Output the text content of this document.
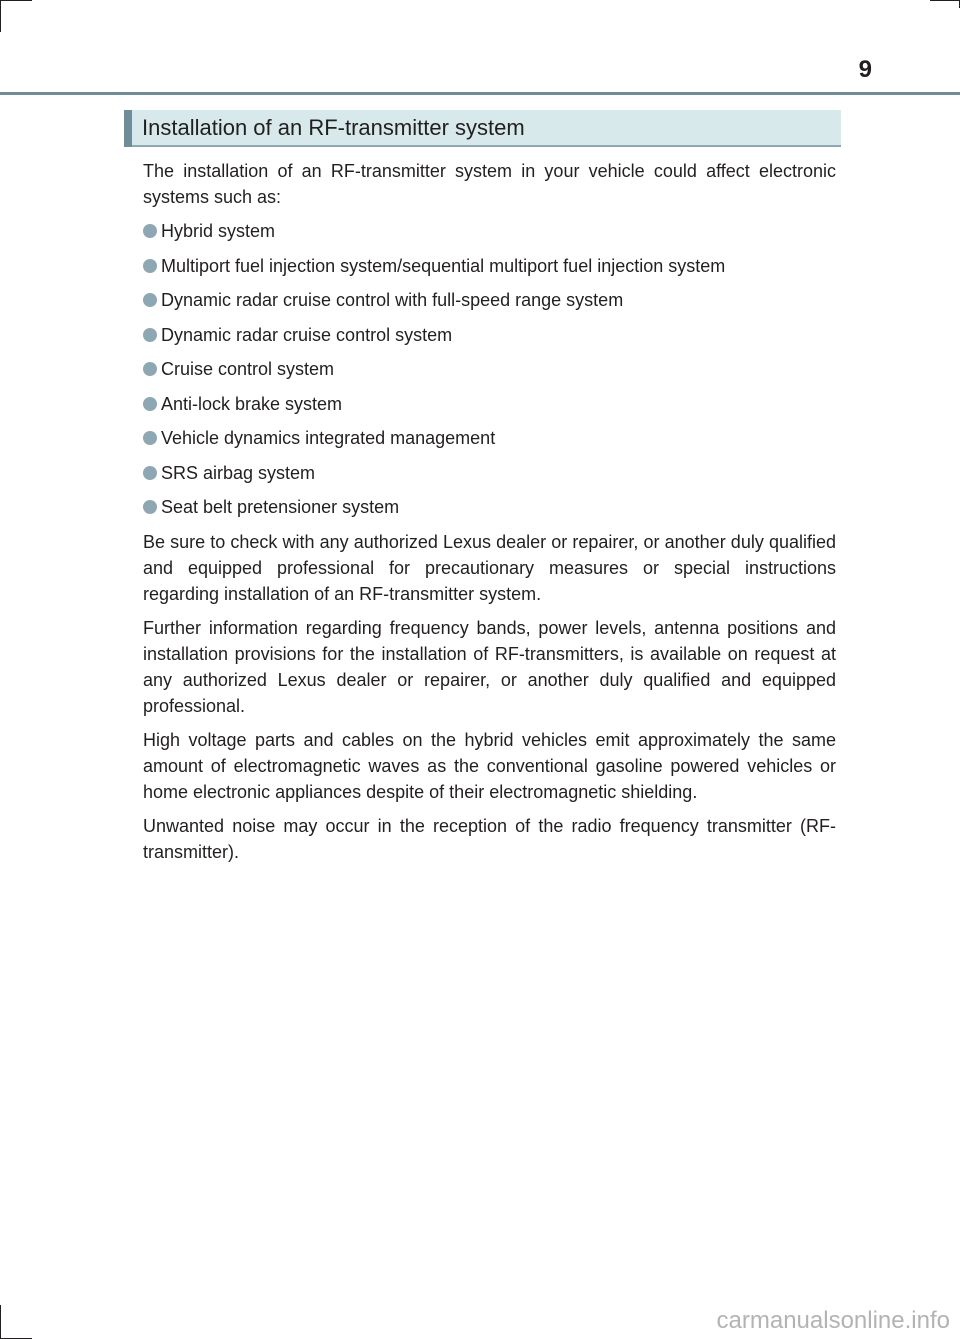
9
Installation of an RF-transmitter system

The installation of an RF-transmitter system in your vehicle could affect electronic systems such as:

Hybrid system
Multiport fuel injection system/sequential multiport fuel injection system
Dynamic radar cruise control with full-speed range system
Dynamic radar cruise control system
Cruise control system
Anti-lock brake system
Vehicle dynamics integrated management
SRS airbag system
Seat belt pretensioner system

Be sure to check with any authorized Lexus dealer or repairer, or another duly qualified and equipped professional for precautionary measures or special instructions regarding installation of an RF-transmitter system.

Further information regarding frequency bands, power levels, antenna positions and installation provisions for the installation of RF-transmitters, is available on request at any authorized Lexus dealer or repairer, or another duly qualified and equipped professional.

High voltage parts and cables on the hybrid vehicles emit approximately the same amount of electromagnetic waves as the conventional gasoline powered vehicles or home electronic appliances despite of their electromagnetic shielding.

Unwanted noise may occur in the reception of the radio frequency transmitter (RF-transmitter).

carmanualsonline.info
